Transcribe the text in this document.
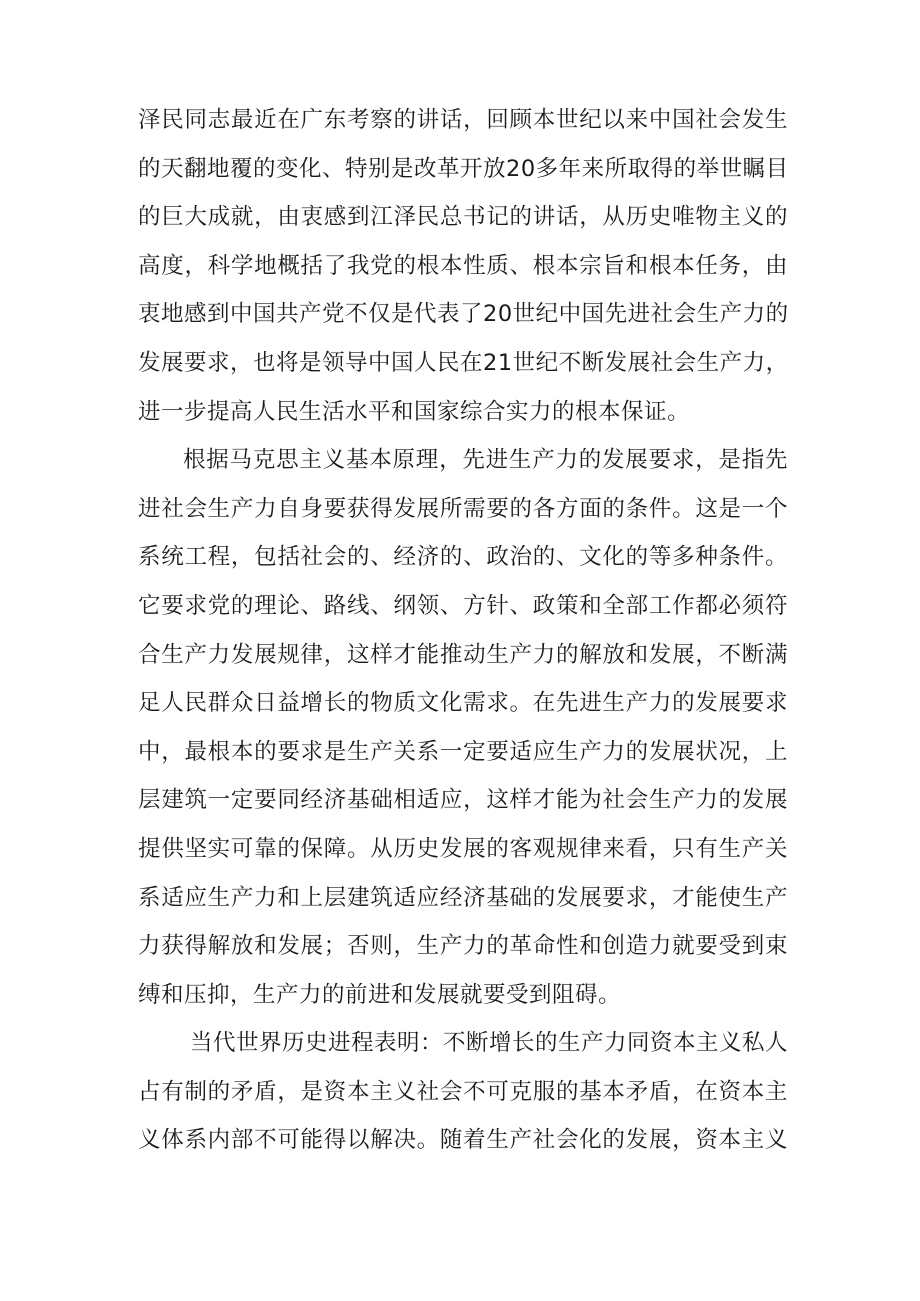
泽民同志最近在广东考察的讲话，回顾本世纪以来中国社会发生
的天翻地覆的变化、特别是改革开放20多年来所取得的举世瞩目
的巨大成就，由衷感到江泽民总书记的讲话，从历史唯物主义的
高度，科学地概括了我党的根本性质、根本宗旨和根本任务，由
衷地感到中国共产党不仅是代表了20世纪中国先进社会生产力的
发展要求，也将是领导中国人民在21世纪不断发展社会生产力，
进一步提高人民生活水平和国家综合实力的根本保证。
根据马克思主义基本原理，先进生产力的发展要求，是指先
进社会生产力自身要获得发展所需要的各方面的条件。这是一个
系统工程，包括社会的、经济的、政治的、文化的等多种条件。
它要求党的理论、路线、纲领、方针、政策和全部工作都必须符
合生产力发展规律，这样才能推动生产力的解放和发展，不断满
足人民群众日益增长的物质文化需求。在先进生产力的发展要求
中，最根本的要求是生产关系一定要适应生产力的发展状况，上
层建筑一定要同经济基础相适应，这样才能为社会生产力的发展
提供坚实可靠的保障。从历史发展的客观规律来看，只有生产关
系适应生产力和上层建筑适应经济基础的发展要求，才能使生产
力获得解放和发展；否则，生产力的革命性和创造力就要受到束
缚和压抑，生产力的前进和发展就要受到阻碍。
当代世界历史进程表明：不断增长的生产力同资本主义私人
占有制的矛盾，是资本主义社会不可克服的基本矛盾，在资本主
义体系内部不可能得以解决。随着生产社会化的发展，资本主义
